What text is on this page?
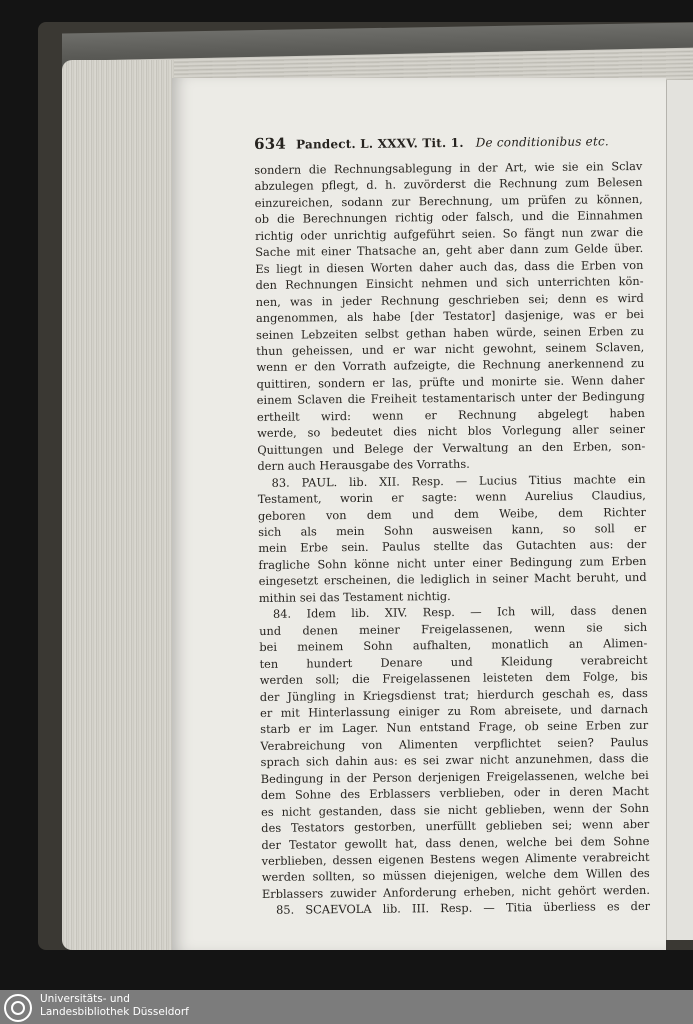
634 Pandect. L. XXXV. Tit. 1. De conditionibus etc.
sondern die Rechnungsablegung in der Art, wie sie ein Sclav
abzulegen pflegt, d. h. zuvörderst die Rechnung zum Belesen
einzureichen, sodann zur Berechnung, um prüfen zu können,
ob die Berechnungen richtig oder falsch, und die Einnahmen
richtig oder unrichtig aufgeführt seien. So fängt nun zwar die
Sache mit einer Thatsache an, geht aber dann zum Gelde über.
Es liegt in diesen Worten daher auch das, dass die Erben von
den Rechnungen Einsicht nehmen und sich unterrichten kön-
nen, was in jeder Rechnung geschrieben sei; denn es wird
angenommen, als habe [der Testator] dasjenige, was er bei
seinen Lebzeiten selbst gethan haben würde, seinen Erben zu
thun geheissen, und er war nicht gewohnt, seinem Sclaven,
wenn er den Vorrath aufzeigte, die Rechnung anerkennend zu
quittiren, sondern er las, prüfte und monirte sie. Wenn daher
einem Sclaven die Freiheit testamentarisch unter der Bedingung
ertheilt wird: wenn er Rechnung abgelegt haben
werde, so bedeutet dies nicht blos Vorlegung aller seiner
Quittungen und Belege der Verwaltung an den Erben, son-
dern auch Herausgabe des Vorraths.
83. PAUL. lib. XII. Resp. — Lucius Titius machte ein
Testament, worin er sagte: wenn Aurelius Claudius,
geboren von dem und dem Weibe, dem Richter
sich als mein Sohn ausweisen kann, so soll er
mein Erbe sein. Paulus stellte das Gutachten aus: der
fragliche Sohn könne nicht unter einer Bedingung zum Erben
eingesetzt erscheinen, die lediglich in seiner Macht beruht, und
mithin sei das Testament nichtig.
84. Idem lib. XIV. Resp. — Ich will, dass denen
und denen meiner Freigelassenen, wenn sie sich
bei meinem Sohn aufhalten, monatlich an Alimen-
ten hundert Denare und Kleidung verabreicht
werden soll; die Freigelassenen leisteten dem Folge, bis
der Jüngling in Kriegsdienst trat; hierdurch geschah es, dass
er mit Hinterlassung einiger zu Rom abreisete, und darnach
starb er im Lager. Nun entstand Frage, ob seine Erben zur
Verabreichung von Alimenten verpflichtet seien? Paulus
sprach sich dahin aus: es sei zwar nicht anzunehmen, dass die
Bedingung in der Person derjenigen Freigelassenen, welche bei
dem Sohne des Erblassers verblieben, oder in deren Macht
es nicht gestanden, dass sie nicht geblieben, wenn der Sohn
des Testators gestorben, unerfüllt geblieben sei; wenn aber
der Testator gewollt hat, dass denen, welche bei dem Sohne
verblieben, dessen eigenen Bestens wegen Alimente verabreicht
werden sollten, so müssen diejenigen, welche dem Willen des
Erblassers zuwider Anforderung erheben, nicht gehört werden.
85. SCAEVOLA lib. III. Resp. — Titia überliess es der
Universitäts- und
Landesbibliothek Düsseldorf
